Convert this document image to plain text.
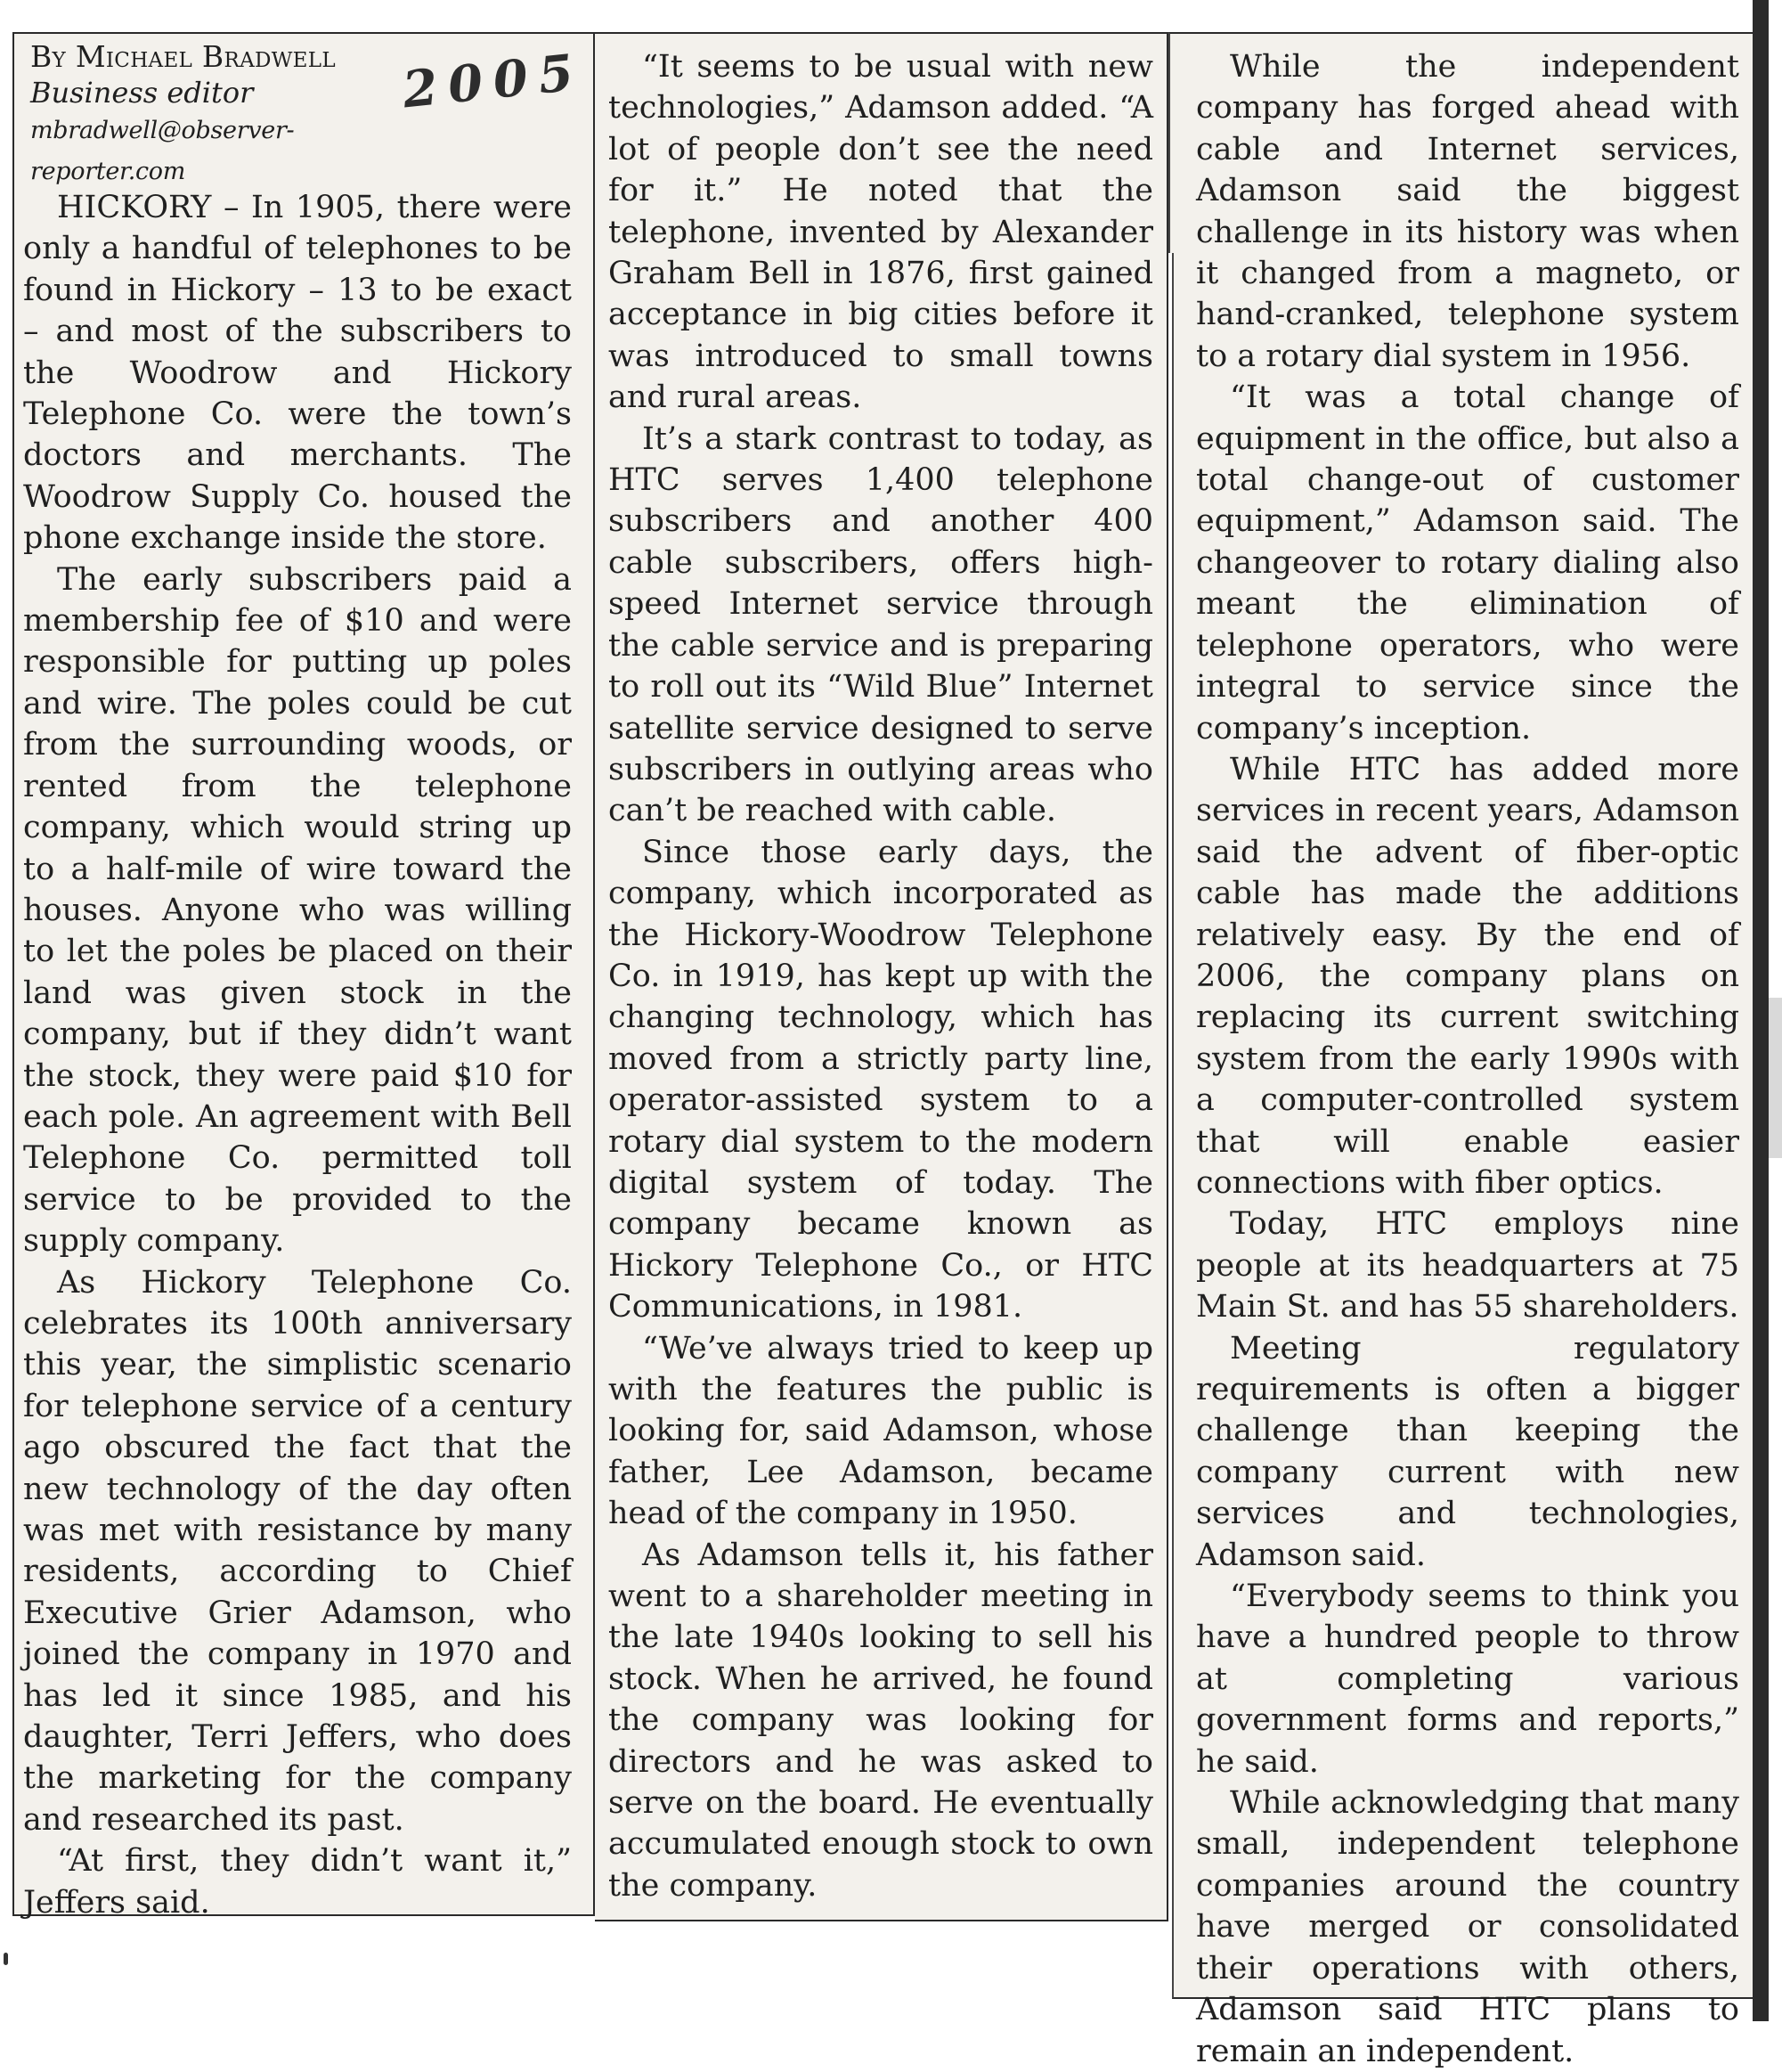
By Michael Bradwell
Business editor
mbradwell@observer-reporter.com
2005

HICKORY – In 1905, there were only a handful of telephones to be found in Hickory – 13 to be exact – and most of the subscribers to the Woodrow and Hickory Telephone Co. were the town’s doctors and merchants. The Woodrow Supply Co. housed the phone exchange inside the store.

The early subscribers paid a membership fee of $10 and were responsible for putting up poles and wire. The poles could be cut from the surrounding woods, or rented from the telephone company, which would string up to a half-mile of wire toward the houses. Anyone who was willing to let the poles be placed on their land was given stock in the company, but if they didn’t want the stock, they were paid $10 for each pole. An agreement with Bell Telephone Co. permitted toll service to be provided to the supply company.

As Hickory Telephone Co. celebrates its 100th anniversary this year, the simplistic scenario for telephone service of a century ago obscured the fact that the new technology of the day often was met with resistance by many residents, according to Chief Executive Grier Adamson, who joined the company in 1970 and has led it since 1985, and his daughter, Terri Jeffers, who does the marketing for the company and researched its past.

“At first, they didn’t want it,” Jeffers said.

“It seems to be usual with new technologies,” Adamson added. “A lot of people don’t see the need for it.” He noted that the telephone, invented by Alexander Graham Bell in 1876, first gained acceptance in big cities before it was introduced to small towns and rural areas.

It’s a stark contrast to today, as HTC serves 1,400 telephone subscribers and another 400 cable subscribers, offers high-speed Internet service through the cable service and is preparing to roll out its “Wild Blue” Internet satellite service designed to serve subscribers in outlying areas who can’t be reached with cable.

Since those early days, the company, which incorporated as the Hickory-Woodrow Telephone Co. in 1919, has kept up with the changing technology, which has moved from a strictly party line, operator-assisted system to a rotary dial system to the modern digital system of today. The company became known as Hickory Telephone Co., or HTC Communications, in 1981.

“We’ve always tried to keep up with the features the public is looking for, said Adamson, whose father, Lee Adamson, became head of the company in 1950.

As Adamson tells it, his father went to a shareholder meeting in the late 1940s looking to sell his stock. When he arrived, he found the company was looking for directors and he was asked to serve on the board. He eventually accumulated enough stock to own the company.

While the independent company has forged ahead with cable and Internet services, Adamson said the biggest challenge in its history was when it changed from a magneto, or hand-cranked, telephone system to a rotary dial system in 1956.

“It was a total change of equipment in the office, but also a total change-out of customer equipment,” Adamson said. The changeover to rotary dialing also meant the elimination of telephone operators, who were integral to service since the company’s inception.

While HTC has added more services in recent years, Adamson said the advent of fiber-optic cable has made the additions relatively easy. By the end of 2006, the company plans on replacing its current switching system from the early 1990s with a computer-controlled system that will enable easier connections with fiber optics.

Today, HTC employs nine people at its headquarters at 75 Main St. and has 55 shareholders.

Meeting regulatory requirements is often a bigger challenge than keeping the company current with new services and technologies, Adamson said.

“Everybody seems to think you have a hundred people to throw at completing various government forms and reports,” he said.

While acknowledging that many small, independent telephone companies around the country have merged or consolidated their operations with others, Adamson said HTC plans to remain an independent.
